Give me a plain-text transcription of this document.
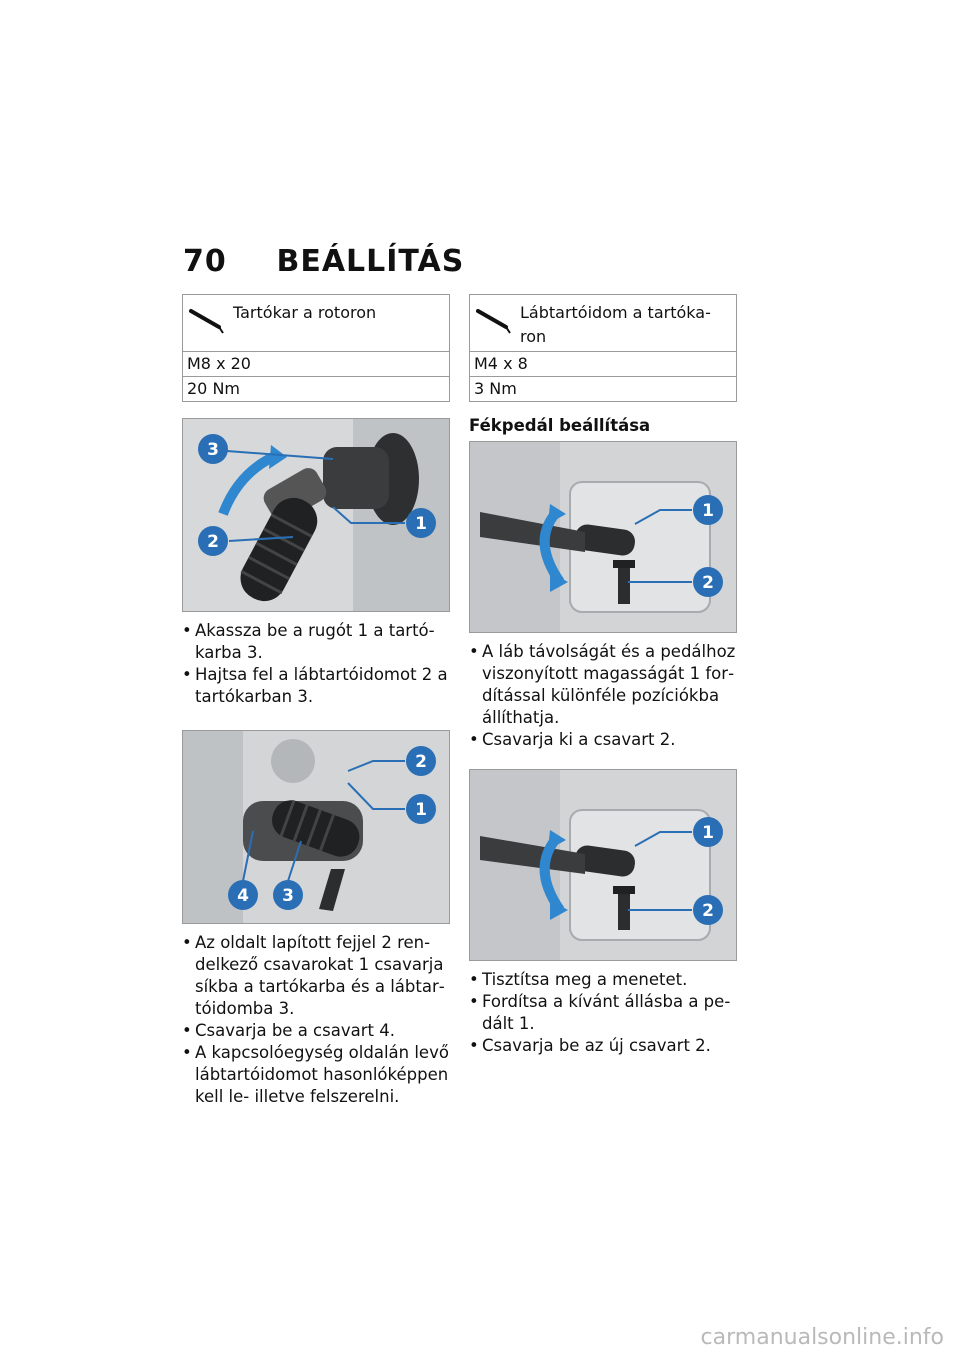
70 BEÁLLÍTÁS
Tartókar a rotoron
M8 x 20
20 Nm
3
2
1
• Akassza be a rugót 1 a tartókarba 3.
• Hajtsa fel a lábtartóidomot 2 a tartókarban 3.
2
1
4 3
• Az oldalt lapított fejjel 2 rendelkező csavarokat 1 csavarja síkba a tartókarba és a lábtartóidomba 3.
• Csavarja be a csavart 4.
• A kapcsolóegység oldalán levő lábtartóidomot hasonlóképpen kell le- illetve felszerelni.
Lábtartóidom a tartókaron
M4 x 8
3 Nm
Fékpedál beállítása
1
2
• A láb távolságát és a pedálhoz viszonyított magasságát 1 fordítással különféle pozíciókba állíthatja.
• Csavarja ki a csavart 2.
1
2
• Tisztítsa meg a menetet.
• Fordítsa a kívánt állásba a pedált 1.
• Csavarja be az új csavart 2.
carmanualsonline.info
